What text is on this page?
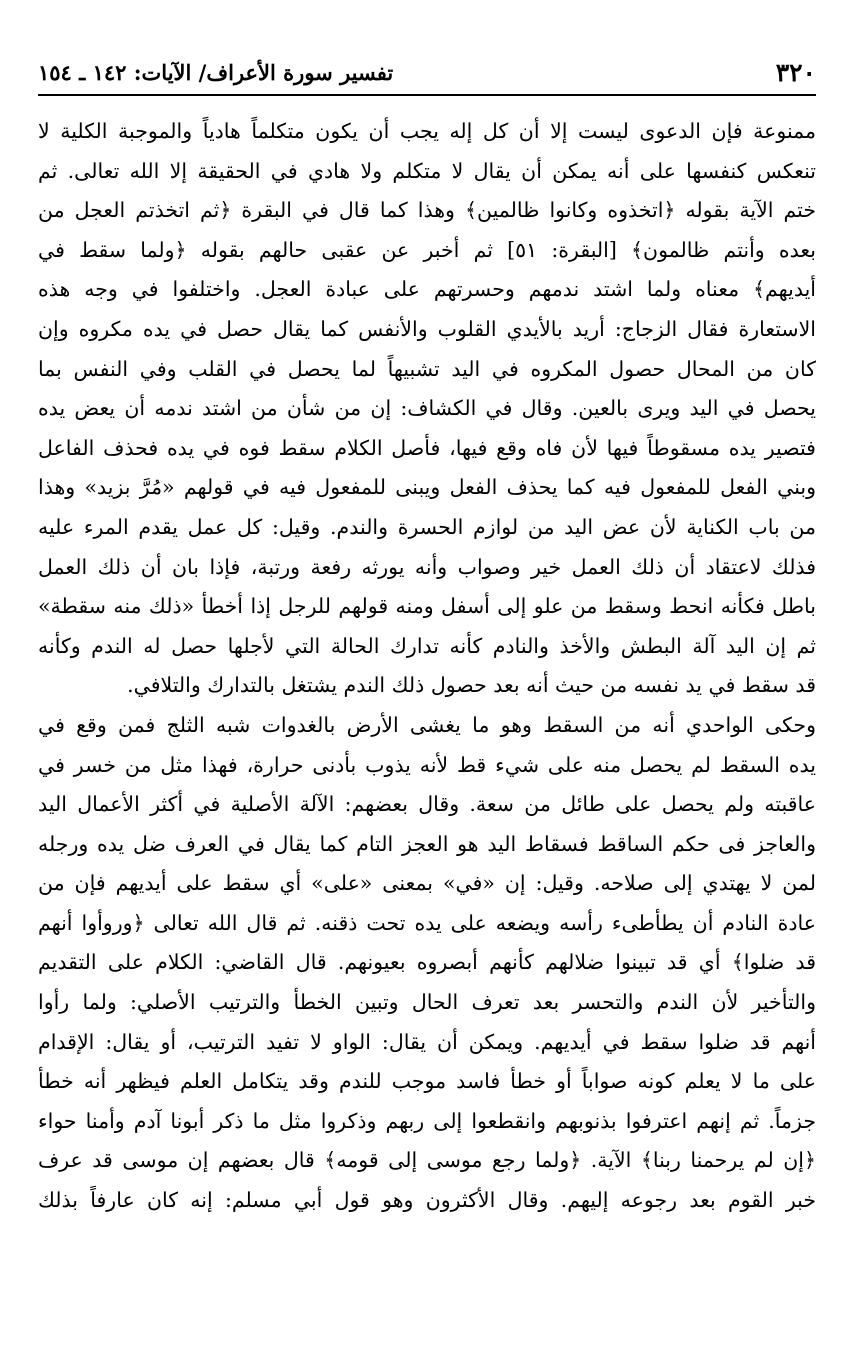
٣٢٠
تفسير سورة الأعراف/ الآيات: ١٤٢ ـ ١٥٤
ممنوعة فإن الدعوى ليست إلا أن كل إله يجب أن يكون متكلماً هادياً والموجبة الكلية لا
تنعكس كنفسها على أنه يمكن أن يقال لا متكلم ولا هادي في الحقيقة إلا الله تعالى. ثم
ختم الآية بقوله ﴿اتخذوه وكانوا ظالمين﴾ وهذا كما قال في البقرة ﴿ثم اتخذتم العجل من
بعده وأنتم ظالمون﴾ [البقرة: ٥١] ثم أخبر عن عقبى حالهم بقوله ﴿ولما سقط في
أيديهم﴾ معناه ولما اشتد ندمهم وحسرتهم على عبادة العجل. واختلفوا في وجه هذه
الاستعارة فقال الزجاج: أريد بالأيدي القلوب والأنفس كما يقال حصل في يده مكروه وإن
كان من المحال حصول المكروه في اليد تشبيهاً لما يحصل في القلب وفي النفس بما
يحصل في اليد ويرى بالعين. وقال في الكشاف: إن من شأن من اشتد ندمه أن يعض يده
فتصير يده مسقوطاً فيها لأن فاه وقع فيها، فأصل الكلام سقط فوه في يده فحذف الفاعل
وبني الفعل للمفعول فيه كما يحذف الفعل ويبنى للمفعول فيه في قولهم «مُرَّ بزيد» وهذا
من باب الكناية لأن عض اليد من لوازم الحسرة والندم. وقيل: كل عمل يقدم المرء عليه
فذلك لاعتقاد أن ذلك العمل خير وصواب وأنه يورثه رفعة ورتبة، فإذا بان أن ذلك العمل
باطل فكأنه انحط وسقط من علو إلى أسفل ومنه قولهم للرجل إذا أخطأ «ذلك منه سقطة»
ثم إن اليد آلة البطش والأخذ والنادم كأنه تدارك الحالة التي لأجلها حصل له الندم وكأنه
قد سقط في يد نفسه من حيث أنه بعد حصول ذلك الندم يشتغل بالتدارك والتلافي.
وحكى الواحدي أنه من السقط وهو ما يغشى الأرض بالغدوات شبه الثلج فمن وقع في
يده السقط لم يحصل منه على شيء قط لأنه يذوب بأدنى حرارة، فهذا مثل من خسر في
عاقبته ولم يحصل على طائل من سعة. وقال بعضهم: الآلة الأصلية في أكثر الأعمال اليد
والعاجز فى حكم الساقط فسقاط اليد هو العجز التام كما يقال في العرف ضل يده ورجله
لمن لا يهتدي إلى صلاحه. وقيل: إن «في» بمعنى «على» أي سقط على أيديهم فإن من
عادة النادم أن يطأطىء رأسه ويضعه على يده تحت ذقنه. ثم قال الله تعالى ﴿وروأوا أنهم
قد ضلوا﴾ أي قد تبينوا ضلالهم كأنهم أبصروه بعيونهم. قال القاضي: الكلام على التقديم
والتأخير لأن الندم والتحسر بعد تعرف الحال وتبين الخطأ والترتيب الأصلي: ولما رأوا
أنهم قد ضلوا سقط في أيديهم. ويمكن أن يقال: الواو لا تفيد الترتيب، أو يقال: الإقدام
على ما لا يعلم كونه صواباً أو خطأ فاسد موجب للندم وقد يتكامل العلم فيظهر أنه خطأ
جزماً. ثم إنهم اعترفوا بذنوبهم وانقطعوا إلى ربهم وذكروا مثل ما ذكر أبونا آدم وأمنا حواء
﴿إن لم يرحمنا ربنا﴾ الآية. ﴿ولما رجع موسى إلى قومه﴾ قال بعضهم إن موسى قد عرف
خبر القوم بعد رجوعه إليهم. وقال الأكثرون وهو قول أبي مسلم: إنه كان عارفاً بذلك
